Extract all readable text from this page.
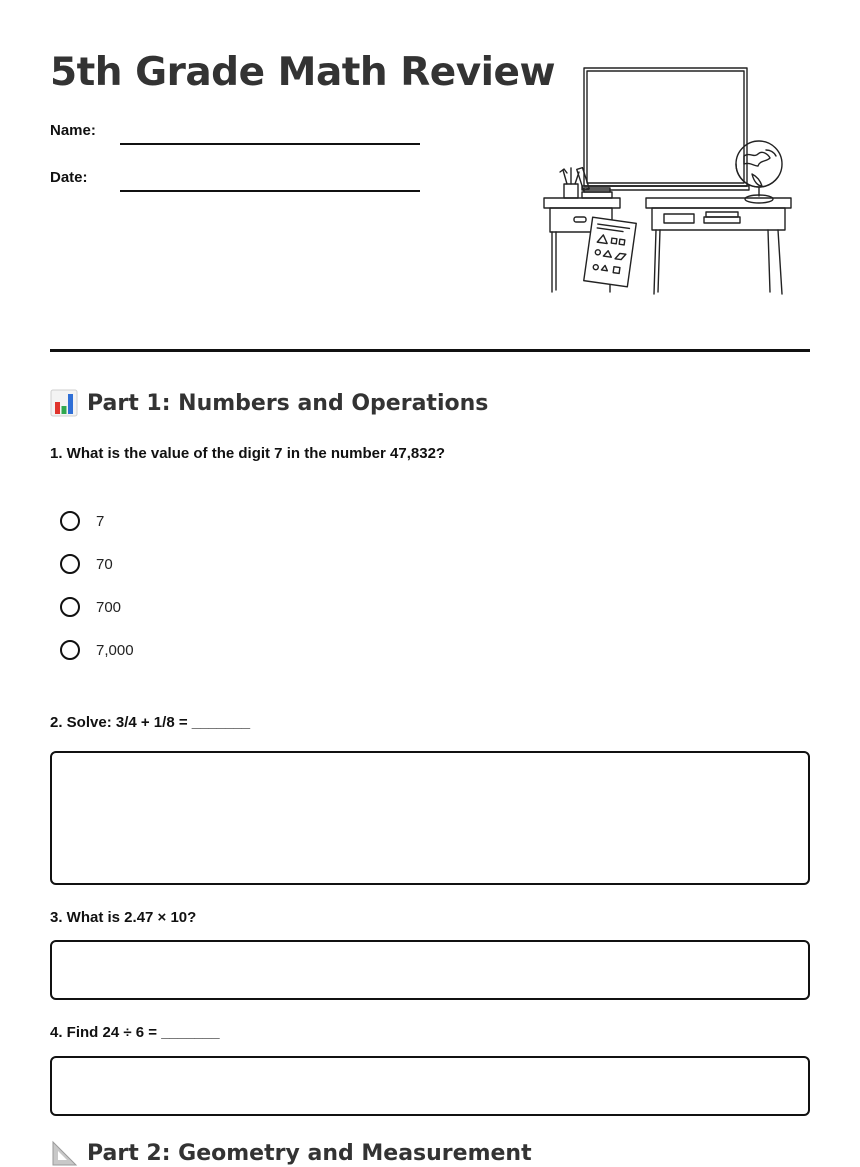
5th Grade Math Review
Name:
Date:
Part 1: Numbers and Operations
1. What is the value of the digit 7 in the number 47,832?
7
70
700
7,000
2. Solve: 3/4 + 1/8 = _______
3. What is 2.47 × 10?
4. Find 24 ÷ 6 = _______
Part 2: Geometry and Measurement
